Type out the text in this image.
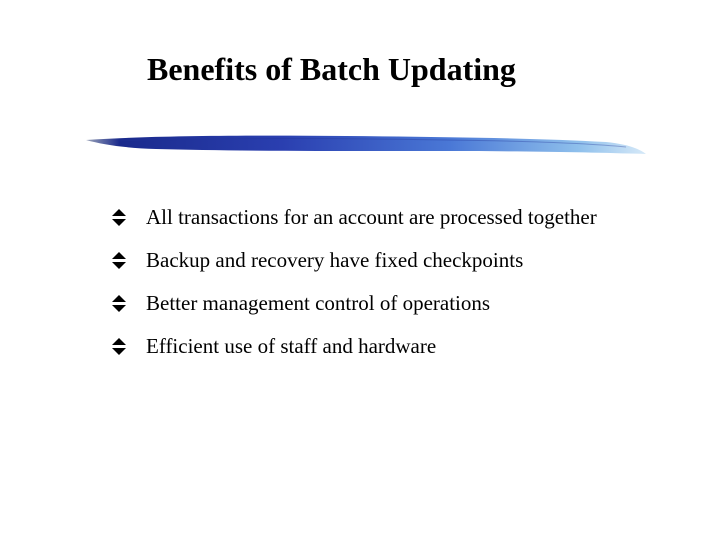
Benefits of Batch Updating
All transactions for an account are processed together
Backup and recovery have fixed checkpoints
Better management control of operations
Efficient use of staff and hardware
